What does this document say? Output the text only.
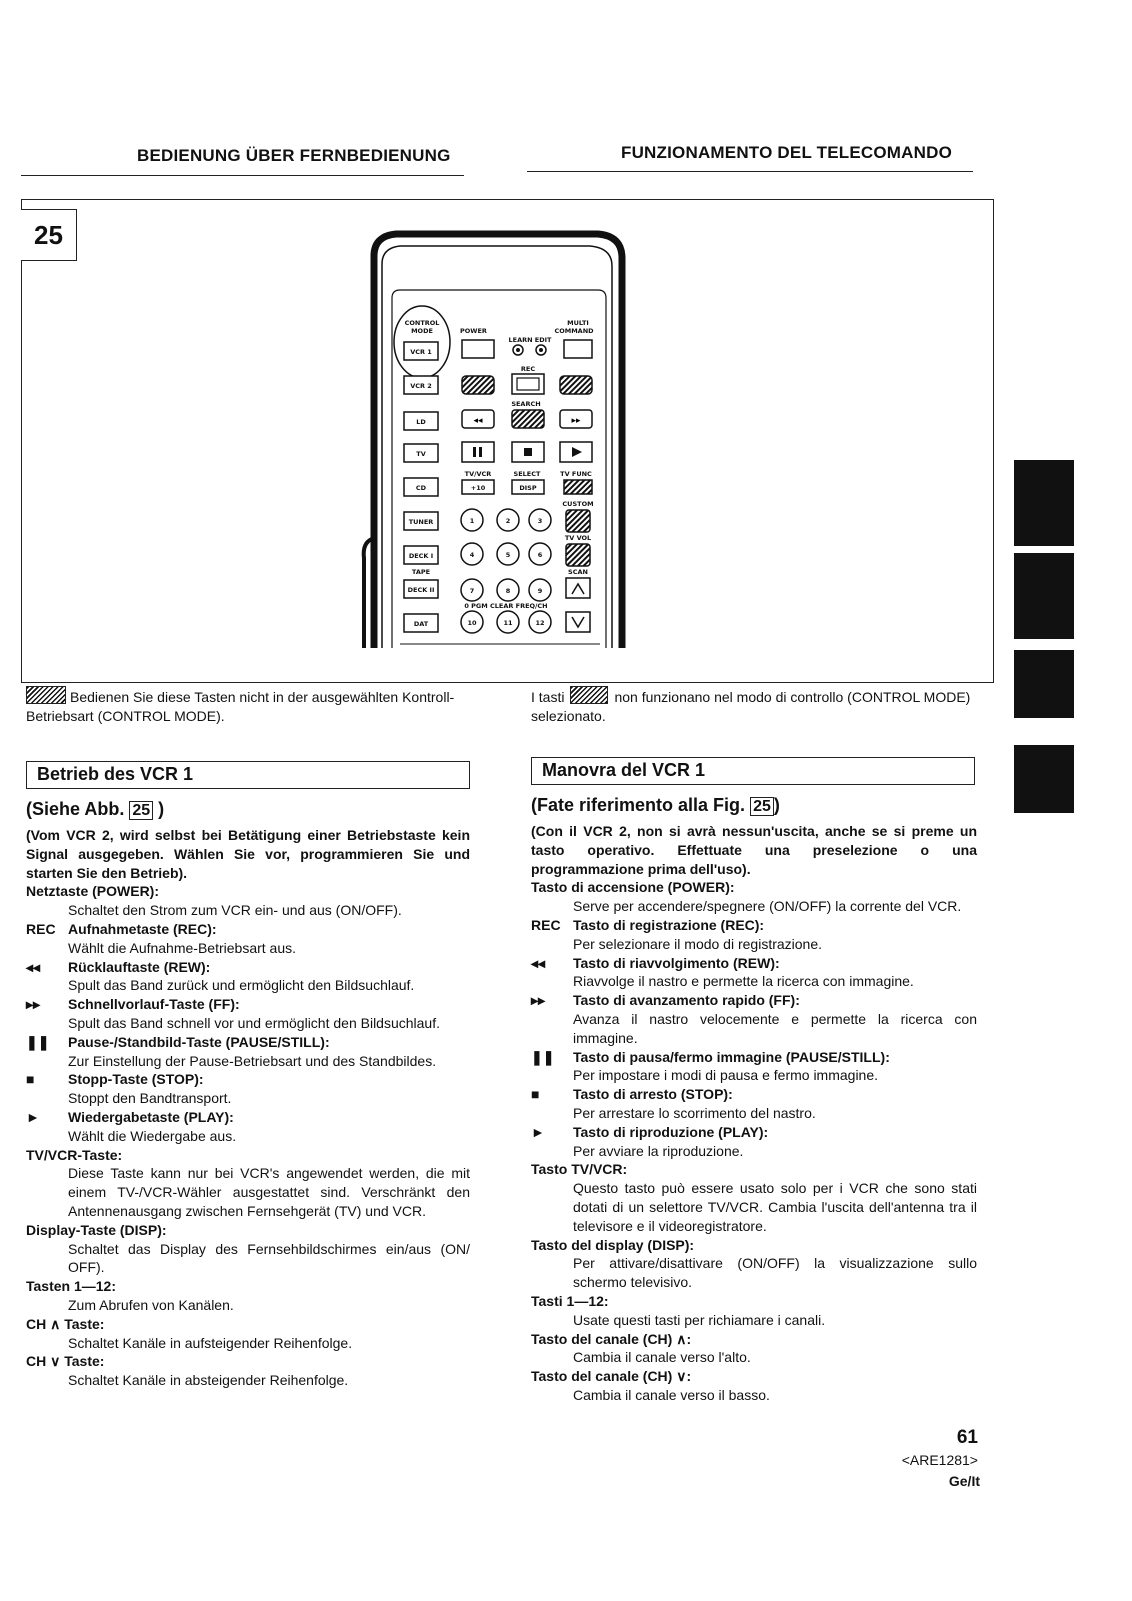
BEDIENUNG ÜBER FERNBEDIENUNG	FUNZIONAMENTO DEL TELECOMANDO
25
CONTROL
MODE
VCR 1
VCR 2
LD
TV
CD
TUNER
DECK I
TAPE
DECK II
DAT
POWER
MULTI
COMMAND
LEARN EDIT
REC
SEARCH
◂◂	▸▸
TV/VCR	SELECT	TV FUNC
+10	DISP
CUSTOM
1	2	3
4	5	6
7	8	9
10	11	12
TV VOL
SCAN
0 PGM CLEAR FREQ/CH
Bedienen Sie diese Tasten nicht in der ausgewählten Kontroll-Betriebsart (CONTROL MODE).
I tasti	non funzionano nel modo di controllo (CONTROL MODE) selezionato.
Betrieb des VCR 1	Manovra del VCR 1
(Siehe Abb. 25 )
(Vom VCR 2, wird selbst bei Betätigung einer Betriebstaste kein Signal ausgegeben. Wählen Sie vor, programmieren Sie und starten Sie den Betrieb).
Netztaste (POWER):
Schaltet den Strom zum VCR ein- und aus (ON/OFF).
REC Aufnahmetaste (REC):
Wählt die Aufnahme-Betriebsart aus.
◂◂	Rücklauftaste (REW):
Spult das Band zurück und ermöglicht den Bildsuchlauf.
▸▸	Schnellvorlauf-Taste (FF):
Spult das Band schnell vor und ermöglicht den Bildsuchlauf.
❚❚	Pause-/Standbild-Taste (PAUSE/STILL):
Zur Einstellung der Pause-Betriebsart und des Standbildes.
■	Stopp-Taste (STOP):
Stoppt den Bandtransport.
►	Wiedergabetaste (PLAY):
Wählt die Wiedergabe aus.
TV/VCR-Taste:
Diese Taste kann nur bei VCR's angewendet werden, die mit einem TV-/VCR-Wähler ausgestattet sind. Verschränkt den Antennenausgang zwischen Fernsehgerät (TV) und VCR.
Display-Taste (DISP):
Schaltet das Display des Fernsehbildschirmes ein/aus (ON/ OFF).
Tasten 1—12:
Zum Abrufen von Kanälen.
CH ∧ Taste:
Schaltet Kanäle in aufsteigender Reihenfolge.
CH ∨ Taste:
Schaltet Kanäle in absteigender Reihenfolge.
(Fate riferimento alla Fig. 25 )
(Con il VCR 2, non si avrà nessun'uscita, anche se si preme un tasto operativo. Effettuate una preselezione o una programmazione prima dell'uso).
Tasto di accensione (POWER):
Serve per accendere/spegnere (ON/OFF) la corrente del VCR.
REC Tasto di registrazione (REC):
Per selezionare il modo di registrazione.
◂◂	Tasto di riavvolgimento (REW):
Riavvolge il nastro e permette la ricerca con immagine.
▸▸	Tasto di avanzamento rapido (FF):
Avanza il nastro velocemente e permette la ricerca con immagine.
❚❚	Tasto di pausa/fermo immagine (PAUSE/STILL):
Per impostare i modi di pausa e fermo immagine.
■	Tasto di arresto (STOP):
Per arrestare lo scorrimento del nastro.
►	Tasto di riproduzione (PLAY):
Per avviare la riproduzione.
Tasto TV/VCR:
Questo tasto può essere usato solo per i VCR che sono stati dotati di un selettore TV/VCR. Cambia l'uscita dell'antenna tra il televisore e il videoregistratore.
Tasto del display (DISP):
Per attivare/disattivare (ON/OFF) la visualizzazione sullo schermo televisivo.
Tasti 1—12:
Usate questi tasti per richiamare i canali.
Tasto del canale (CH) ∧:
Cambia il canale verso l'alto.
Tasto del canale (CH) ∨:
Cambia il canale verso il basso.
61
<ARE1281>
Ge/It
